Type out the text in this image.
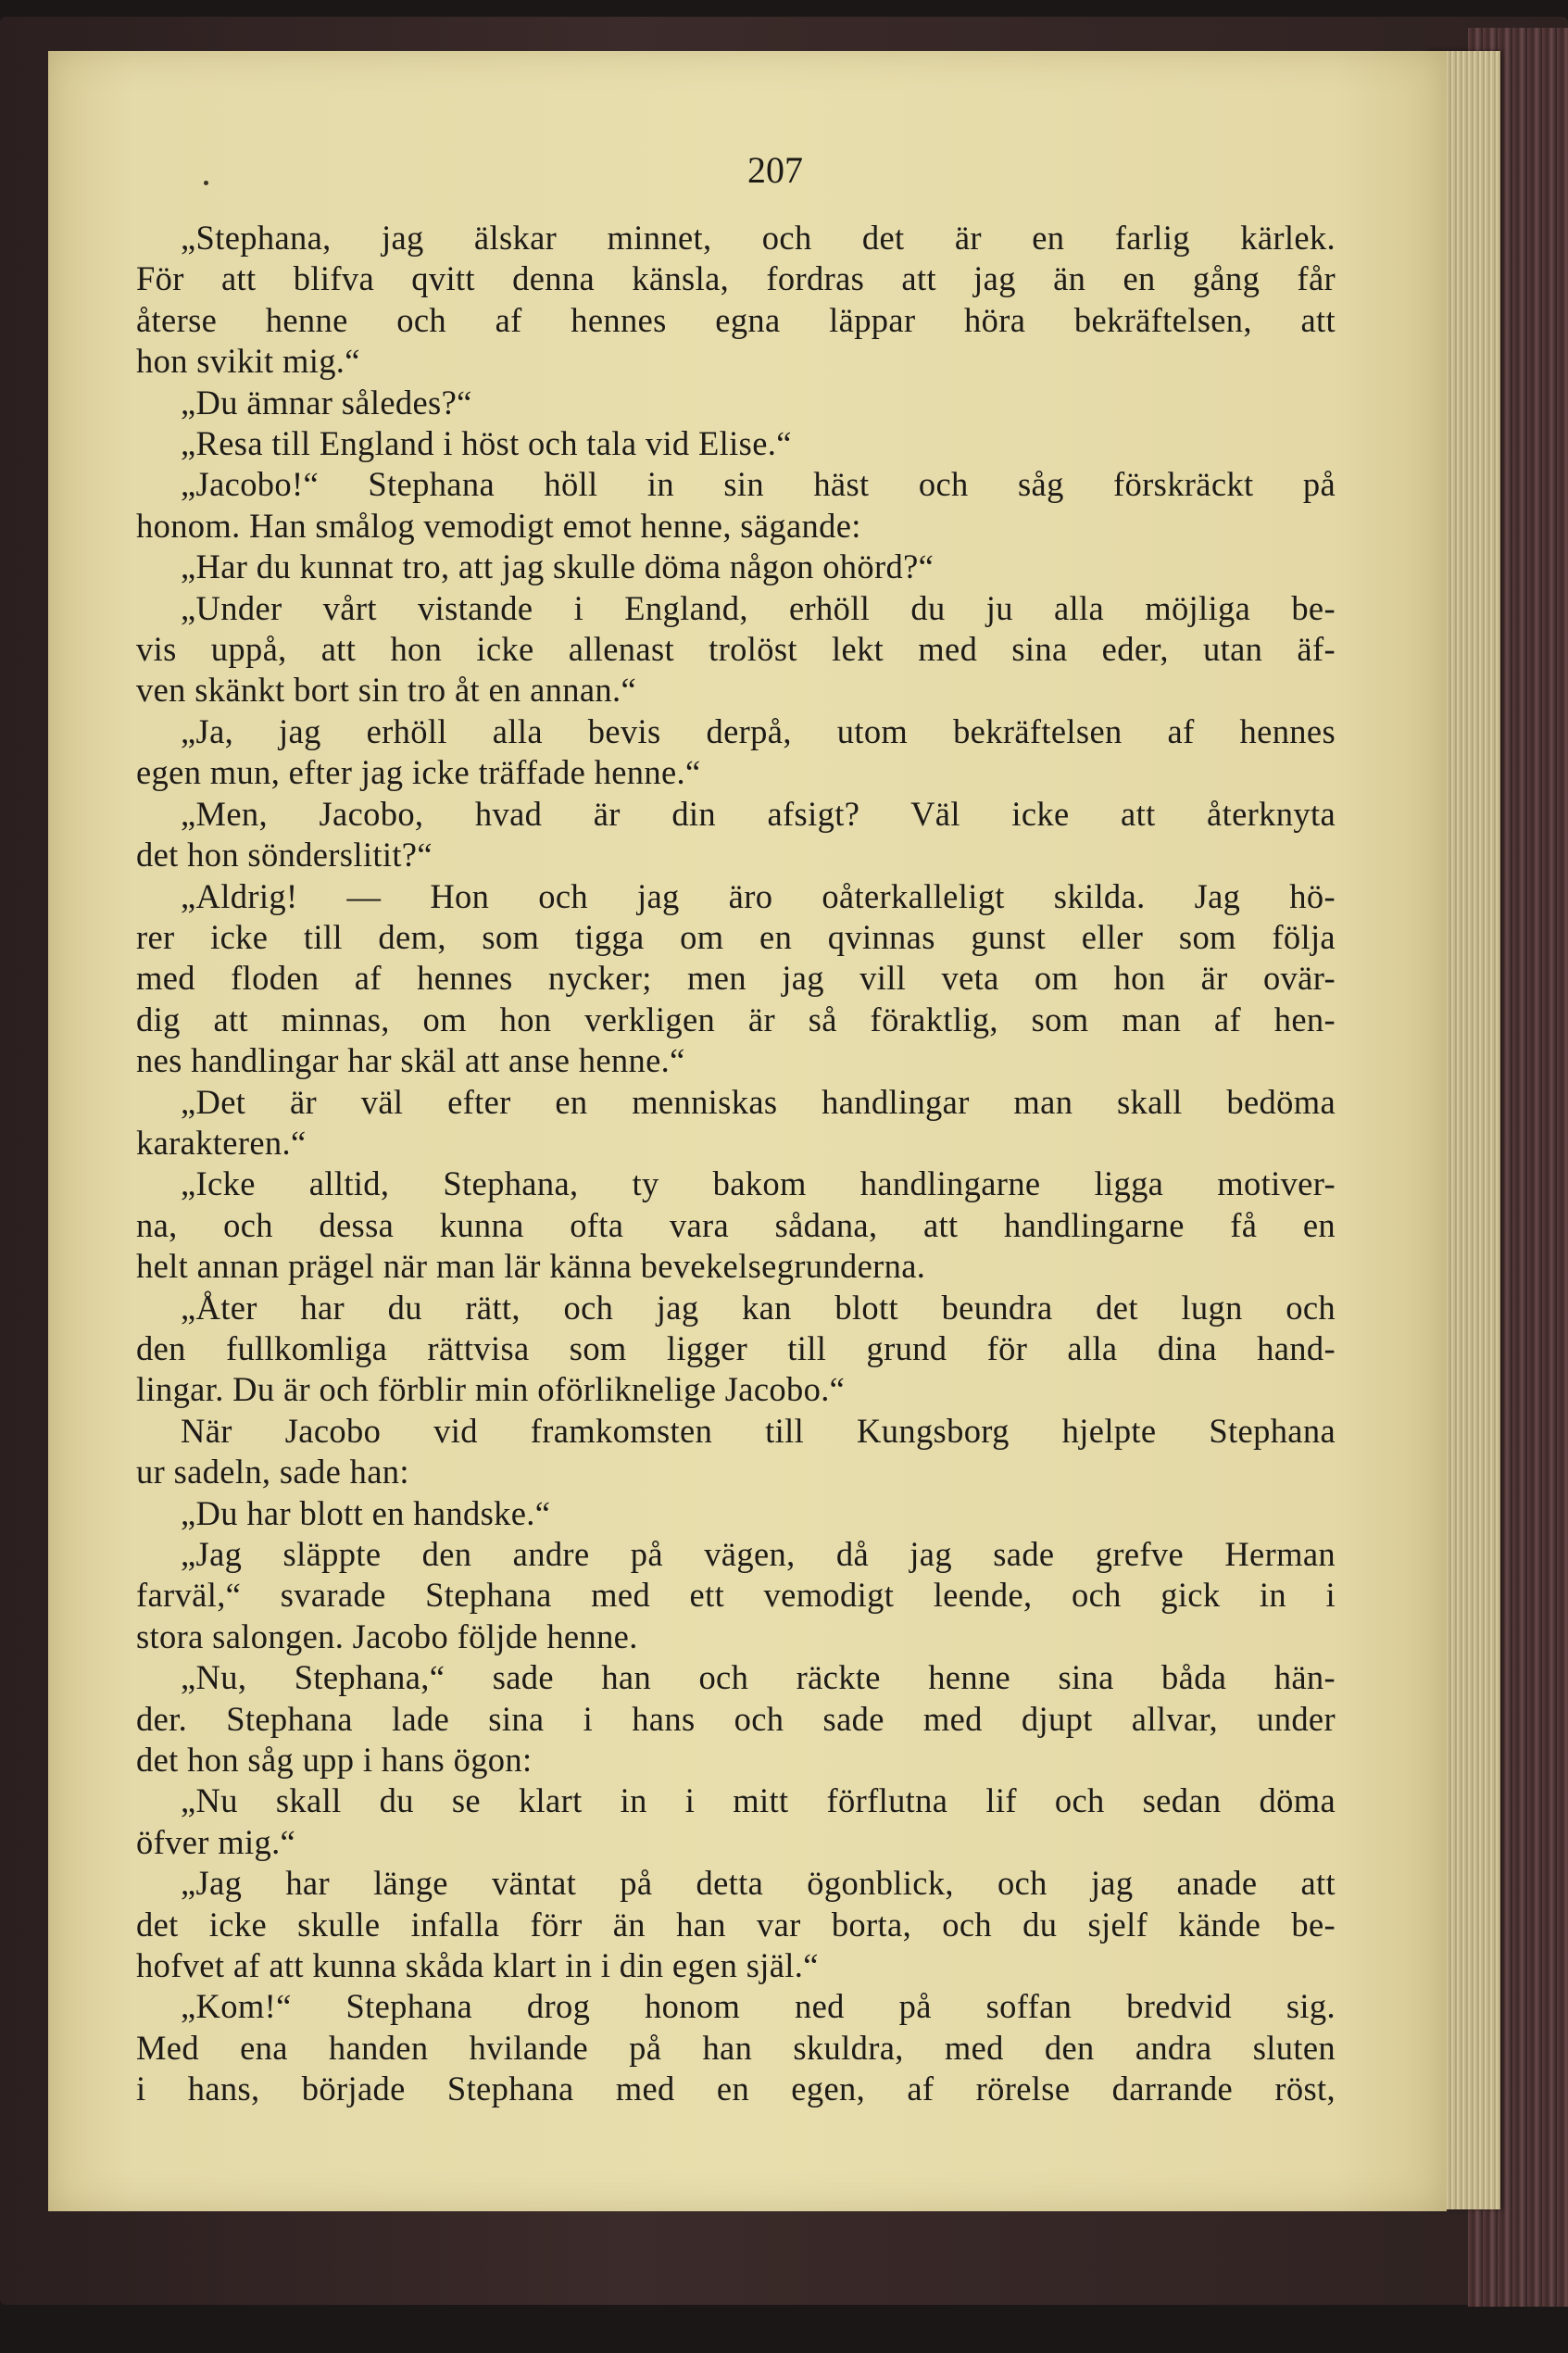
207
„Stephana, jag älskar minnet, och det är en farlig kärlek.
För att blifva qvitt denna känsla, fordras att jag än en gång får
återse henne och af hennes egna läppar höra bekräftelsen, att
hon svikit mig.“
„Du ämnar således?“
„Resa till England i höst och tala vid Elise.“
„Jacobo!“ Stephana höll in sin häst och såg förskräckt på
honom. Han smålog vemodigt emot henne, sägande:
„Har du kunnat tro, att jag skulle döma någon ohörd?“
„Under vårt vistande i England, erhöll du ju alla möjliga be-
vis uppå, att hon icke allenast trolöst lekt med sina eder, utan äf-
ven skänkt bort sin tro åt en annan.“
„Ja, jag erhöll alla bevis derpå, utom bekräftelsen af hennes
egen mun, efter jag icke träffade henne.“
„Men, Jacobo, hvad är din afsigt? Väl icke att återknyta
det hon sönderslitit?“
„Aldrig! — Hon och jag äro oåterkalleligt skilda. Jag hö-
rer icke till dem, som tigga om en qvinnas gunst eller som följa
med floden af hennes nycker; men jag vill veta om hon är ovär-
dig att minnas, om hon verkligen är så föraktlig, som man af hen-
nes handlingar har skäl att anse henne.“
„Det är väl efter en menniskas handlingar man skall bedöma
karakteren.“
„Icke alltid, Stephana, ty bakom handlingarne ligga motiver-
na, och dessa kunna ofta vara sådana, att handlingarne få en
helt annan prägel när man lär känna bevekelsegrunderna.
„Åter har du rätt, och jag kan blott beundra det lugn och
den fullkomliga rättvisa som ligger till grund för alla dina hand-
lingar. Du är och förblir min oförliknelige Jacobo.“
När Jacobo vid framkomsten till Kungsborg hjelpte Stephana
ur sadeln, sade han:
„Du har blott en handske.“
„Jag släppte den andre på vägen, då jag sade grefve Herman
farväl,“ svarade Stephana med ett vemodigt leende, och gick in i
stora salongen. Jacobo följde henne.
„Nu, Stephana,“ sade han och räckte henne sina båda hän-
der. Stephana lade sina i hans och sade med djupt allvar, under
det hon såg upp i hans ögon:
„Nu skall du se klart in i mitt förflutna lif och sedan döma
öfver mig.“
„Jag har länge väntat på detta ögonblick, och jag anade att
det icke skulle infalla förr än han var borta, och du sjelf kände be-
hofvet af att kunna skåda klart in i din egen själ.“
„Kom!“ Stephana drog honom ned på soffan bredvid sig.
Med ena handen hvilande på han skuldra, med den andra sluten
i hans, började Stephana med en egen, af rörelse darrande röst,
